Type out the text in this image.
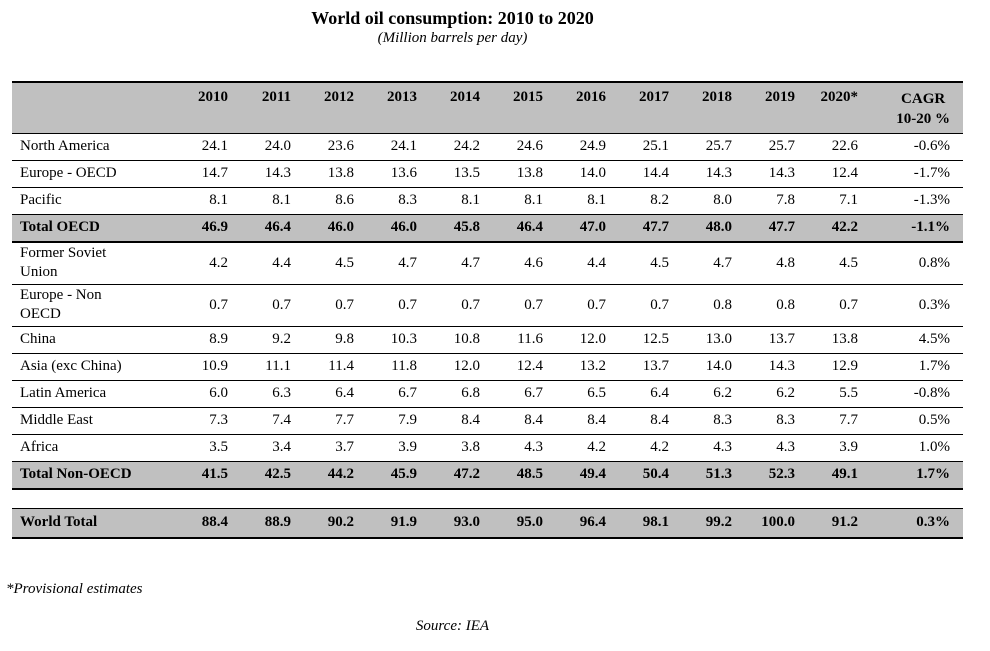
World oil consumption: 2010 to 2020
(Million barrels per day)
	2010	2011	2012	2013	2014	2015	2016	2017	2018	2019	2020*	CAGR
10-20 %

North America	24.1	24.0	23.6	24.1	24.2	24.6	24.9	25.1	25.7	25.7	22.6	-0.6%
Europe - OECD	14.7	14.3	13.8	13.6	13.5	13.8	14.0	14.4	14.3	14.3	12.4	-1.7%
Pacific	8.1	8.1	8.6	8.3	8.1	8.1	8.1	8.2	8.0	7.8	7.1	-1.3%
Total OECD	46.9	46.4	46.0	46.0	45.8	46.4	47.0	47.7	48.0	47.7	42.2	-1.1%

Former Soviet
Union	4.2	4.4	4.5	4.7	4.7	4.6	4.4	4.5	4.7	4.8	4.5	0.8%

Europe - Non
OECD	0.7	0.7	0.7	0.7	0.7	0.7	0.7	0.7	0.8	0.8	0.7	0.3%
China	8.9	9.2	9.8	10.3	10.8	11.6	12.0	12.5	13.0	13.7	13.8	4.5%
Asia (exc China)	10.9	11.1	11.4	11.8	12.0	12.4	13.2	13.7	14.0	14.3	12.9	1.7%
Latin America	6.0	6.3	6.4	6.7	6.8	6.7	6.5	6.4	6.2	6.2	5.5	-0.8%
Middle East	7.3	7.4	7.7	7.9	8.4	8.4	8.4	8.4	8.3	8.3	7.7	0.5%
Africa	3.5	3.4	3.7	3.9	3.8	4.3	4.2	4.2	4.3	4.3	3.9	1.0%
Total Non-OECD	41.5	42.5	44.2	45.9	47.2	48.5	49.4	50.4	51.3	52.3	49.1	1.7%

World Total	88.4	88.9	90.2	91.9	93.0	95.0	96.4	98.1	99.2	100.0	91.2	0.3%
*Provisional estimates
Source: IEA
